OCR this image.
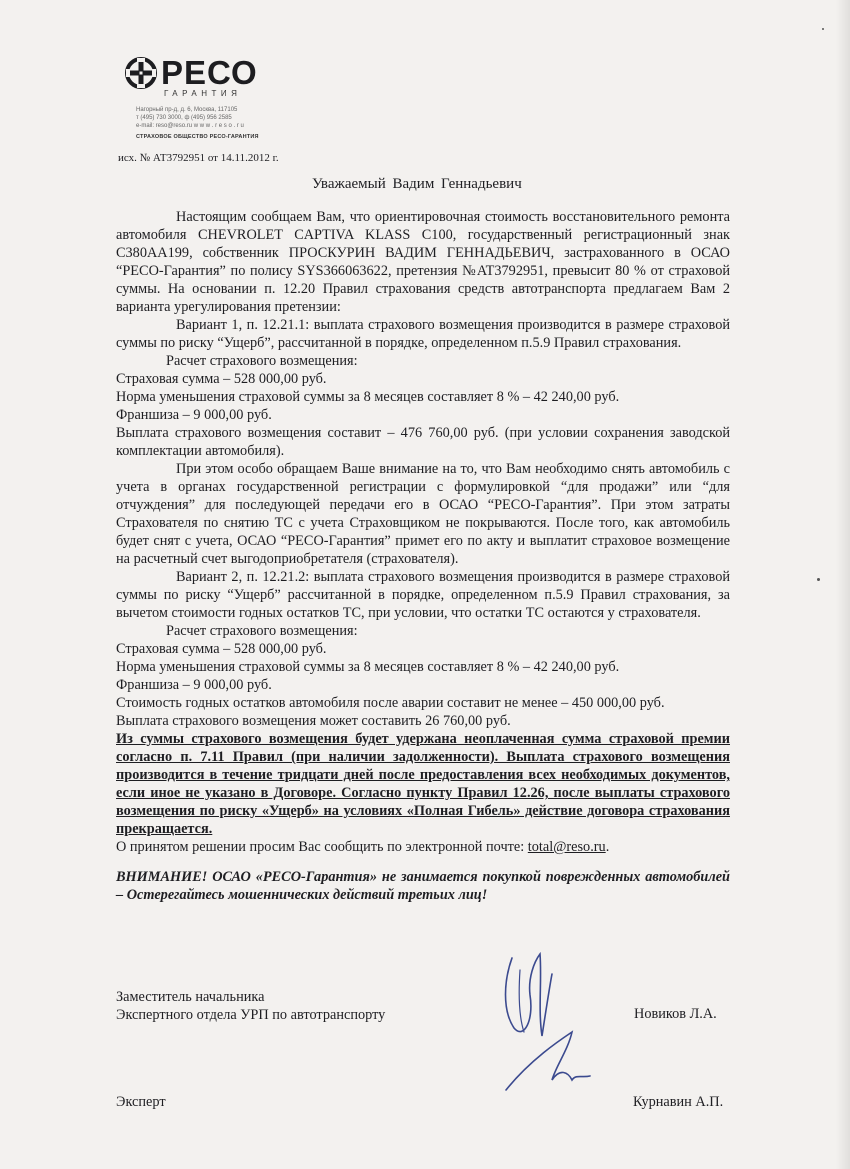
РЕСО
ГАРАНТИЯ
Нагорный пр-д, д. 6, Москва, 117105
т (495) 730 3000, ф (495) 956 2585
e-mail: reso@reso.ru w w w . r e s o . r u
СТРАХОВОЕ ОБЩЕСТВО РЕСО-ГАРАНТИЯ
исх. № АТ3792951 от 14.11.2012 г.
Уважаемый Вадим Геннадьевич

Настоящим сообщаем Вам, что ориентировочная стоимость восстановительного ремонта автомобиля CHEVROLET CAPTIVA KLASS C100, государственный регистрационный знак С380АА199, собственник ПРОСКУРИН ВАДИМ ГЕННАДЬЕВИЧ, застрахованного в ОСАО “РЕСО-Гарантия” по полису SYS366063622, претензия №AT3792951, превысит 80 % от страховой суммы. На основании п. 12.20 Правил страхования средств автотранспорта предлагаем Вам 2 варианта урегулирования претензии:

Вариант 1, п. 12.21.1: выплата страхового возмещения производится в размере страховой суммы по риску “Ущерб”, рассчитанной в порядке, определенном п.5.9 Правил страхования.

Расчет страхового возмещения:

Страховая сумма – 528 000,00 руб.

Норма уменьшения страховой суммы за 8 месяцев составляет 8 % – 42 240,00 руб.

Франшиза – 9 000,00 руб.

Выплата страхового возмещения составит – 476 760,00 руб. (при условии сохранения заводской комплектации автомобиля).

При этом особо обращаем Ваше внимание на то, что Вам необходимо снять автомобиль с учета в органах государственной регистрации с формулировкой “для продажи” или “для отчуждения” для последующей передачи его в ОСАО “РЕСО-Гарантия”. При этом затраты Страхователя по снятию ТС с учета Страховщиком не покрываются. После того, как автомобиль будет снят с учета, ОСАО “РЕСО-Гарантия” примет его по акту и выплатит страховое возмещение на расчетный счет выгодоприобретателя (страхователя).

Вариант 2, п. 12.21.2: выплата страхового возмещения производится в размере страховой суммы по риску “Ущерб” рассчитанной в порядке, определенном п.5.9 Правил страхования, за вычетом стоимости годных остатков ТС, при условии, что остатки ТС остаются у страхователя.

Расчет страхового возмещения:

Страховая сумма – 528 000,00 руб.

Норма уменьшения страховой суммы за 8 месяцев составляет 8 % – 42 240,00 руб.

Франшиза – 9 000,00 руб.

Стоимость годных остатков автомобиля после аварии составит не менее – 450 000,00 руб.

Выплата страхового возмещения может составить 26 760,00 руб.

Из суммы страхового возмещения будет удержана неоплаченная сумма страховой премии согласно п. 7.11 Правил (при наличии задолженности). Выплата страхового возмещения производится в течение тридцати дней после предоставления всех необходимых документов, если иное не указано в Договоре. Согласно пункту Правил 12.26, после выплаты страхового возмещения по риску «Ущерб» на условиях «Полная Гибель» действие договора страхования прекращается.

О принятом решении просим Вас сообщить по электронной почте: total@reso.ru.

ВНИМАНИЕ! ОСАО «РЕСО-Гарантия» не занимается покупкой поврежденных автомобилей – Остерегайтесь мошеннических действий третьих лиц!

Заместитель начальника
Экспертного отдела УРП по автотранспорту	Новиков Л.А.
Эксперт	Курнавин А.П.
